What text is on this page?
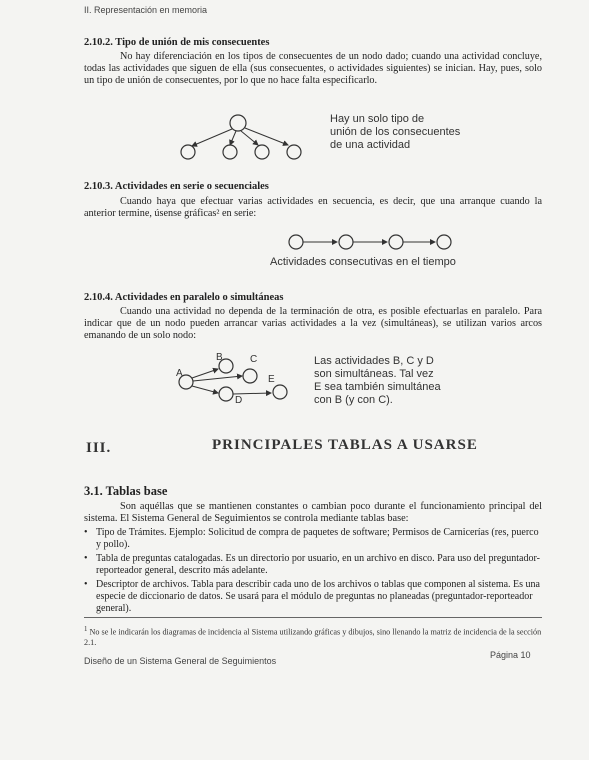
II. Representación en memoria
2.10.2. Tipo de unión de mis consecuentes
No hay diferenciación en los tipos de consecuentes de un nodo dado; cuando una actividad concluye, todas las actividades que siguen de ella (sus consecuentes, o actividades siguientes) se inician. Hay, pues, solo un tipo de unión de consecuentes, por lo que no hace falta especificarlo.
Hay un solo tipo de
unión de los consecuentes
de una actividad
2.10.3. Actividades en serie o secuenciales
Cuando haya que efectuar varias actividades en secuencia, es decir, que una arranque cuando la anterior termine, úsense gráficas² en serie:
Actividades consecutivas en el tiempo
2.10.4. Actividades en paralelo o simultáneas
Cuando una actividad no dependa de la terminación de otra, es posible efectuarlas en paralelo. Para indicar que de un nodo pueden arrancar varias actividades a la vez (simultáneas), se utilizan varios arcos emanando de un solo nodo:
A
B	C
D
E
Las actividades B, C y D
son simultáneas. Tal vez
E sea también simultánea
con B (y con C).
III.	PRINCIPALES TABLAS A USARSE
3.1. Tablas base
Son aquéllas que se mantienen constantes o cambian poco durante el funcionamiento principal del sistema. El Sistema General de Seguimientos se controla mediante tablas base:
• Tipo de Trámites. Ejemplo: Solicitud de compra de paquetes de software; Permisos de Carnicerías (res, puerco y pollo).
• Tabla de preguntas catalogadas. Es un directorio por usuario, en un archivo en disco. Para uso del preguntador-reporteador general, descrito más adelante.
• Descriptor de archivos. Tabla para describir cada uno de los archivos o tablas que componen al sistema. Es una especie de diccionario de datos. Se usará para el módulo de preguntas no planeadas (preguntador-reporteador general).
$^1$ No se le indicarán los diagramas de incidencia al Sistema utilizando gráficas y dibujos, sino llenando la matriz de incidencia de la sección 2.1.
Diseño de un Sistema General de Seguimientos
Página 10
